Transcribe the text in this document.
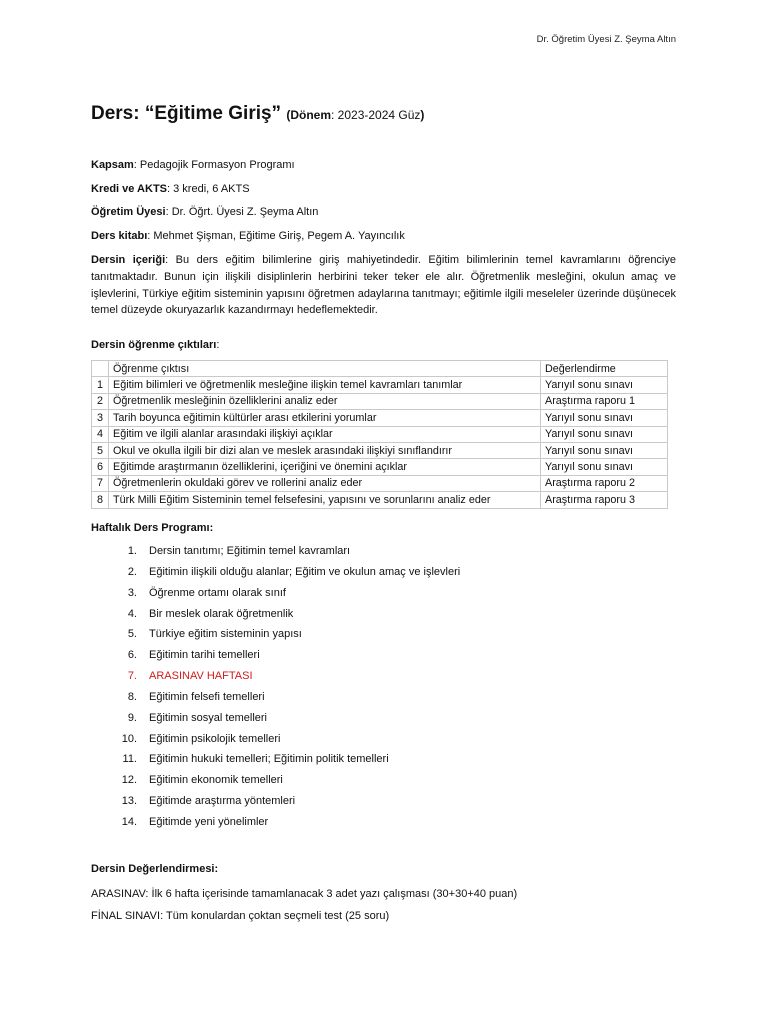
Dr. Öğretim Üyesi Z. Şeyma Altın
Ders: “Eğitime Giriş” (Dönem: 2023-2024 Güz)
Kapsam: Pedagojik Formasyon Programı
Kredi ve AKTS: 3 kredi, 6 AKTS
Öğretim Üyesi: Dr. Öğrt. Üyesi Z. Şeyma Altın
Ders kitabı: Mehmet Şişman, Eğitime Giriş, Pegem A. Yayıncılık
Dersin içeriği: Bu ders eğitim bilimlerine giriş mahiyetindedir. Eğitim bilimlerinin temel kavramlarını öğrenciye tanıtmaktadır. Bunun için ilişkili disiplinlerin herbirini teker teker ele alır. Öğretmenlik mesleğini, okulun amaç ve işlevlerini, Türkiye eğitim sisteminin yapısını öğretmen adaylarına tanıtmayı; eğitimle ilgili meseleler üzerinde düşünecek temel düzeyde okuryazarlık kazandırmayı hedeflemektedir.
Dersin öğrenme çıktıları:
	Öğrenme çıktısı	Değerlendirme
1	Eğitim bilimleri ve öğretmenlik mesleğine ilişkin temel kavramları tanımlar	Yarıyıl sonu sınavı
2	Öğretmenlik mesleğinin özelliklerini analiz eder	Araştırma raporu 1
3	Tarih boyunca eğitimin kültürler arası etkilerini yorumlar	Yarıyıl sonu sınavı
4	Eğitim ve ilgili alanlar arasındaki ilişkiyi açıklar	Yarıyıl sonu sınavı
5	Okul ve okulla ilgili bir dizi alan ve meslek arasındaki ilişkiyi sınıflandırır	Yarıyıl sonu sınavı
6	Eğitimde araştırmanın özelliklerini, içeriğini ve önemini açıklar	Yarıyıl sonu sınavı
7	Öğretmenlerin okuldaki görev ve rollerini analiz eder	Araştırma raporu 2
8	Türk Milli Eğitim Sisteminin temel felsefesini, yapısını ve sorunlarını analiz eder	Araştırma raporu 3
Haftalık Ders Programı:
1. Dersin tanıtımı; Eğitimin temel kavramları
2. Eğitimin ilişkili olduğu alanlar; Eğitim ve okulun amaç ve işlevleri
3. Öğrenme ortamı olarak sınıf
4. Bir meslek olarak öğretmenlik
5. Türkiye eğitim sisteminin yapısı
6. Eğitimin tarihi temelleri
7. ARASINAV HAFTASI
8. Eğitimin felsefi temelleri
9. Eğitimin sosyal temelleri
10. Eğitimin psikolojik temelleri
11. Eğitimin hukuki temelleri; Eğitimin politik temelleri
12. Eğitimin ekonomik temelleri
13. Eğitimde araştırma yöntemleri
14. Eğitimde yeni yönelimler
Dersin Değerlendirmesi:
ARASINAV: İlk 6 hafta içerisinde tamamlanacak 3 adet yazı çalışması (30+30+40 puan)
FİNAL SINAVI: Tüm konulardan çoktan seçmeli test (25 soru)
